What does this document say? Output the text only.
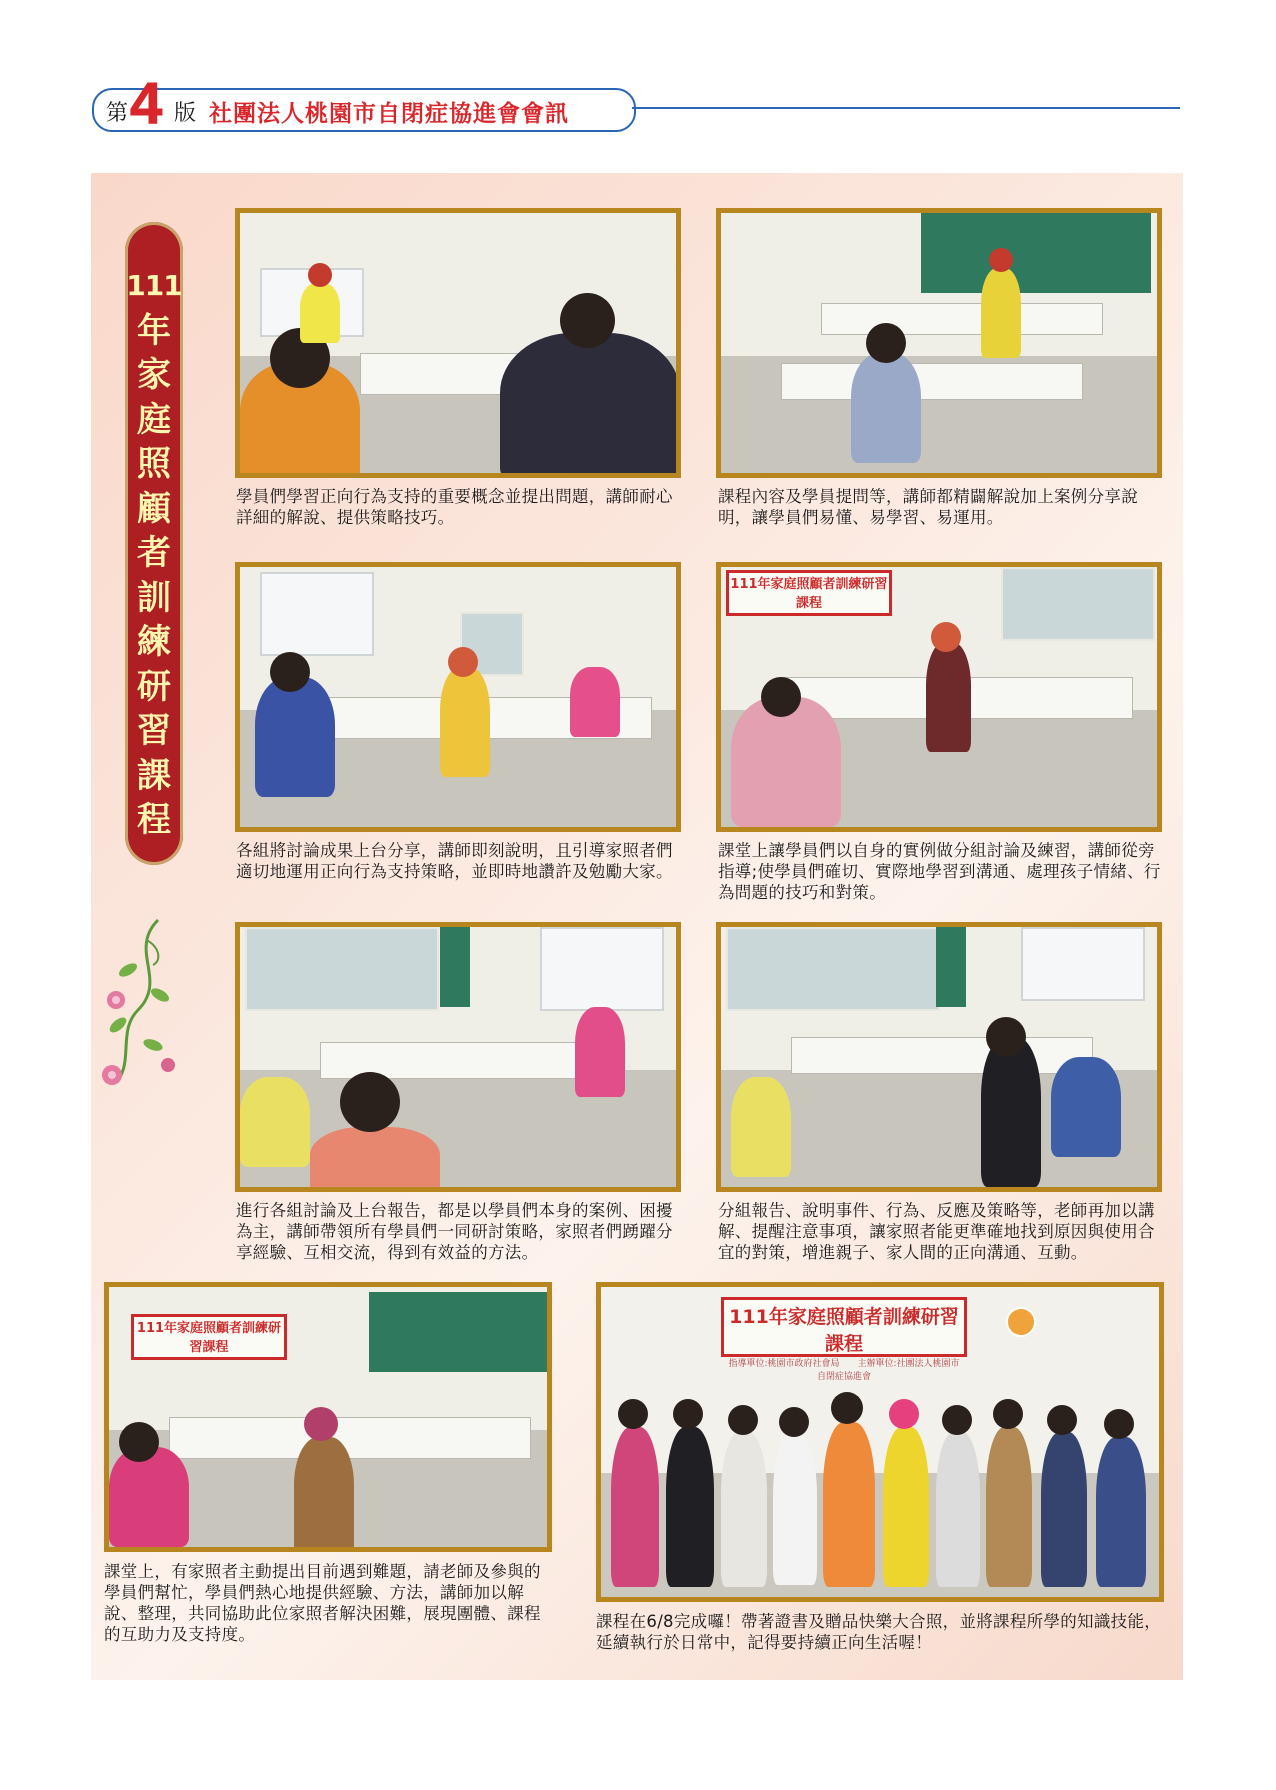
第 4 版 社團法人桃園市自閉症協進會會訊
111
年家庭照顧者訓練研習課程
學員們學習正向行為支持的重要概念並提出問題，講師耐心詳細的解說、提供策略技巧。
課程內容及學員提問等，講師都精闢解說加上案例分享說明，讓學員們易懂、易學習、易運用。
各組將討論成果上台分享，講師即刻說明，且引導家照者們適切地運用正向行為支持策略，並即時地讚許及勉勵大家。
111年家庭照顧者訓練研習課程
課堂上讓學員們以自身的實例做分組討論及練習，講師從旁指導;使學員們確切、實際地學習到溝通、處理孩子情緒、行為問題的技巧和對策。
進行各組討論及上台報告，都是以學員們本身的案例、困擾為主，講師帶領所有學員們一同研討策略，家照者們踴躍分享經驗、互相交流，得到有效益的方法。
分組報告、說明事件、行為、反應及策略等，老師再加以講解、提醒注意事項，讓家照者能更準確地找到原因與使用合宜的對策，增進親子、家人間的正向溝通、互動。
111年家庭照顧者訓練研習課程
課堂上，有家照者主動提出目前遇到難題，請老師及參與的學員們幫忙，學員們熱心地提供經驗、方法，講師加以解說、整理，共同協助此位家照者解決困難，展現團體、課程的互助力及支持度。
111年家庭照顧者訓練研習課程
指導單位:桃園市政府社會局　　主辦單位:社團法人桃園市自閉症協進會
課程在6/8完成囉！帶著證書及贈品快樂大合照，並將課程所學的知識技能，延續執行於日常中，記得要持續正向生活喔！
